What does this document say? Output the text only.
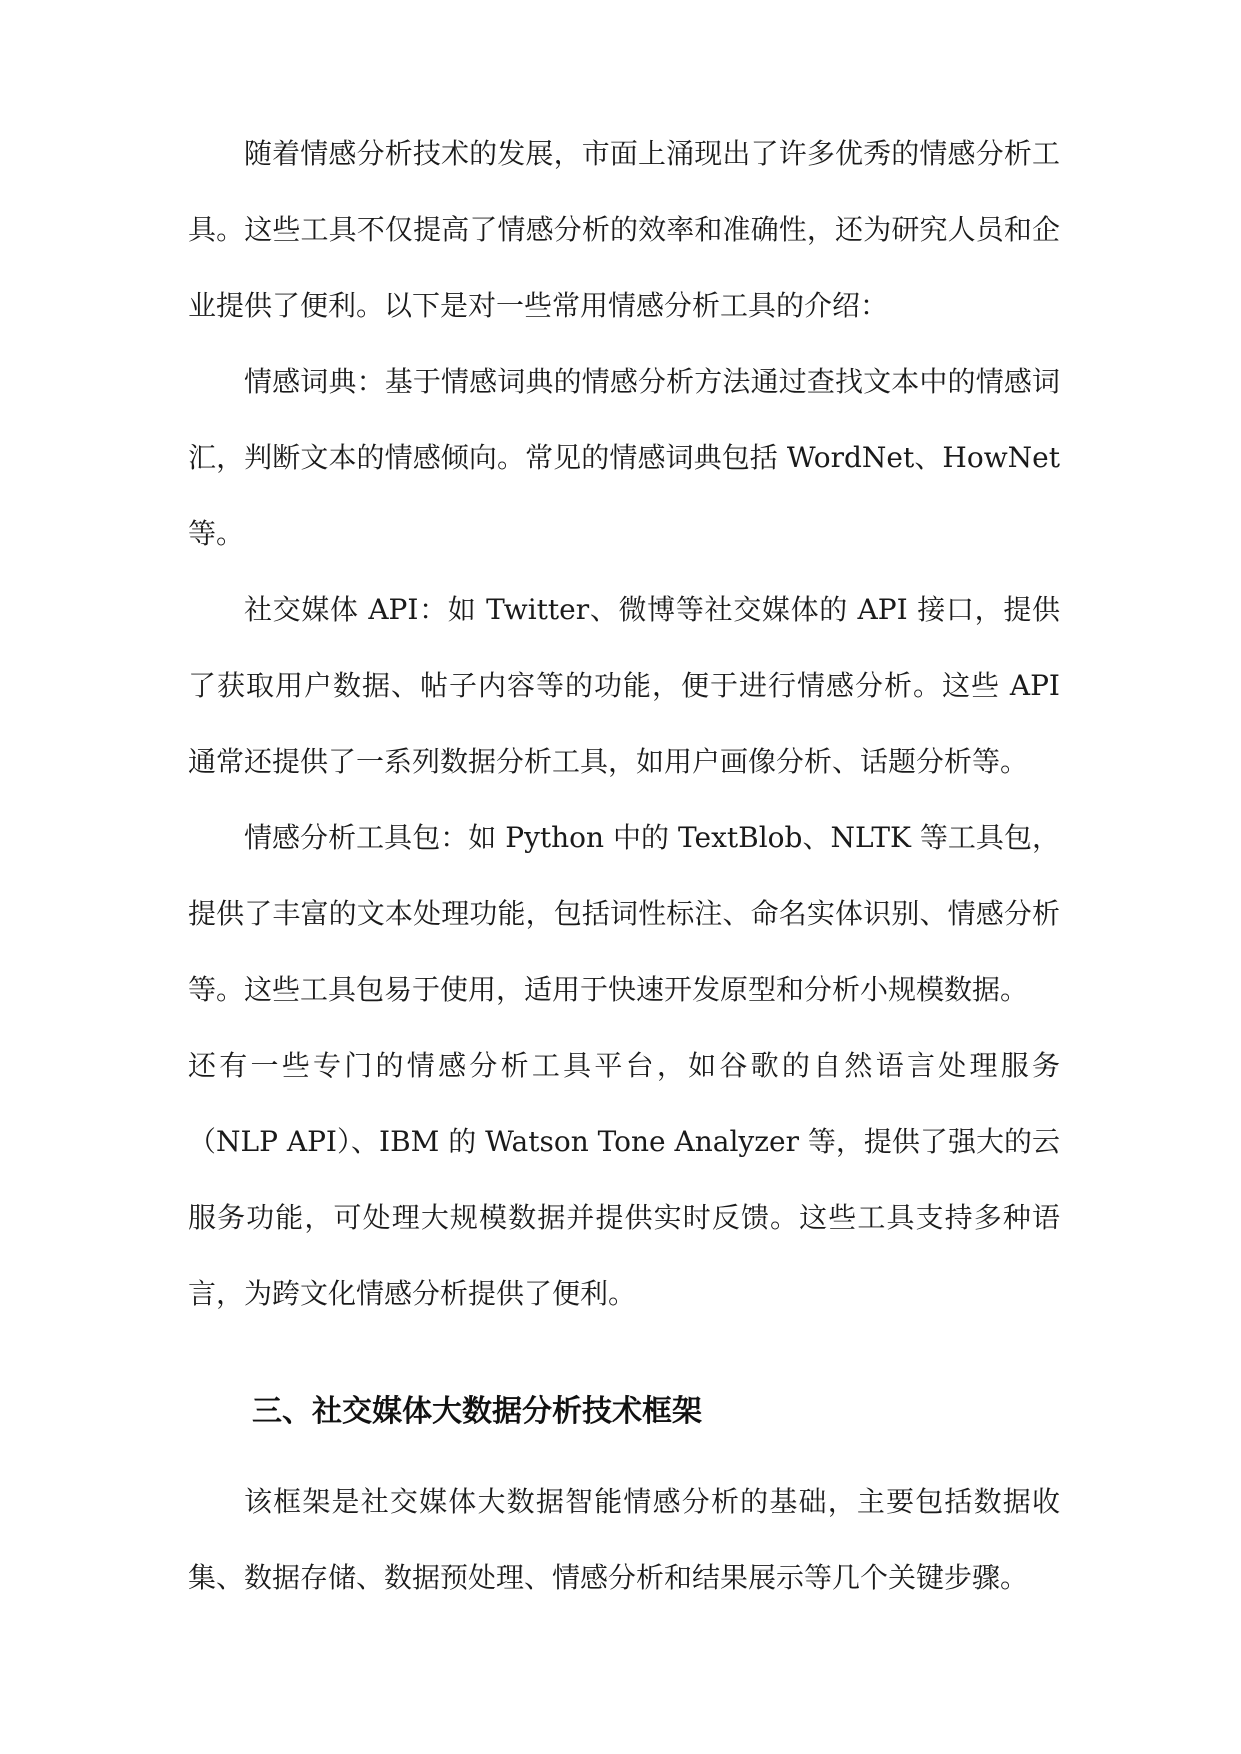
随着情感分析技术的发展，市面上涌现出了许多优秀的情感分析工具。这些工具不仅提高了情感分析的效率和准确性，还为研究人员和企业提供了便利。以下是对一些常用情感分析工具的介绍：

情感词典：基于情感词典的情感分析方法通过查找文本中的情感词汇，判断文本的情感倾向。常见的情感词典包括 WordNet、HowNet 等。

社交媒体 API：如 Twitter、微博等社交媒体的 API 接口，提供了获取用户数据、帖子内容等的功能，便于进行情感分析。这些 API 通常还提供了一系列数据分析工具，如用户画像分析、话题分析等。

情感分析工具包：如 Python 中的 TextBlob、NLTK 等工具包，提供了丰富的文本处理功能，包括词性标注、命名实体识别、情感分析等。这些工具包易于使用，适用于快速开发原型和分析小规模数据。

还有一些专门的情感分析工具平台，如谷歌的自然语言处理服务（NLP API）、IBM 的 Watson Tone Analyzer 等，提供了强大的云服务功能，可处理大规模数据并提供实时反馈。这些工具支持多种语言，为跨文化情感分析提供了便利。

三、社交媒体大数据分析技术框架

该框架是社交媒体大数据智能情感分析的基础，主要包括数据收集、数据存储、数据预处理、情感分析和结果展示等几个关键步骤。
